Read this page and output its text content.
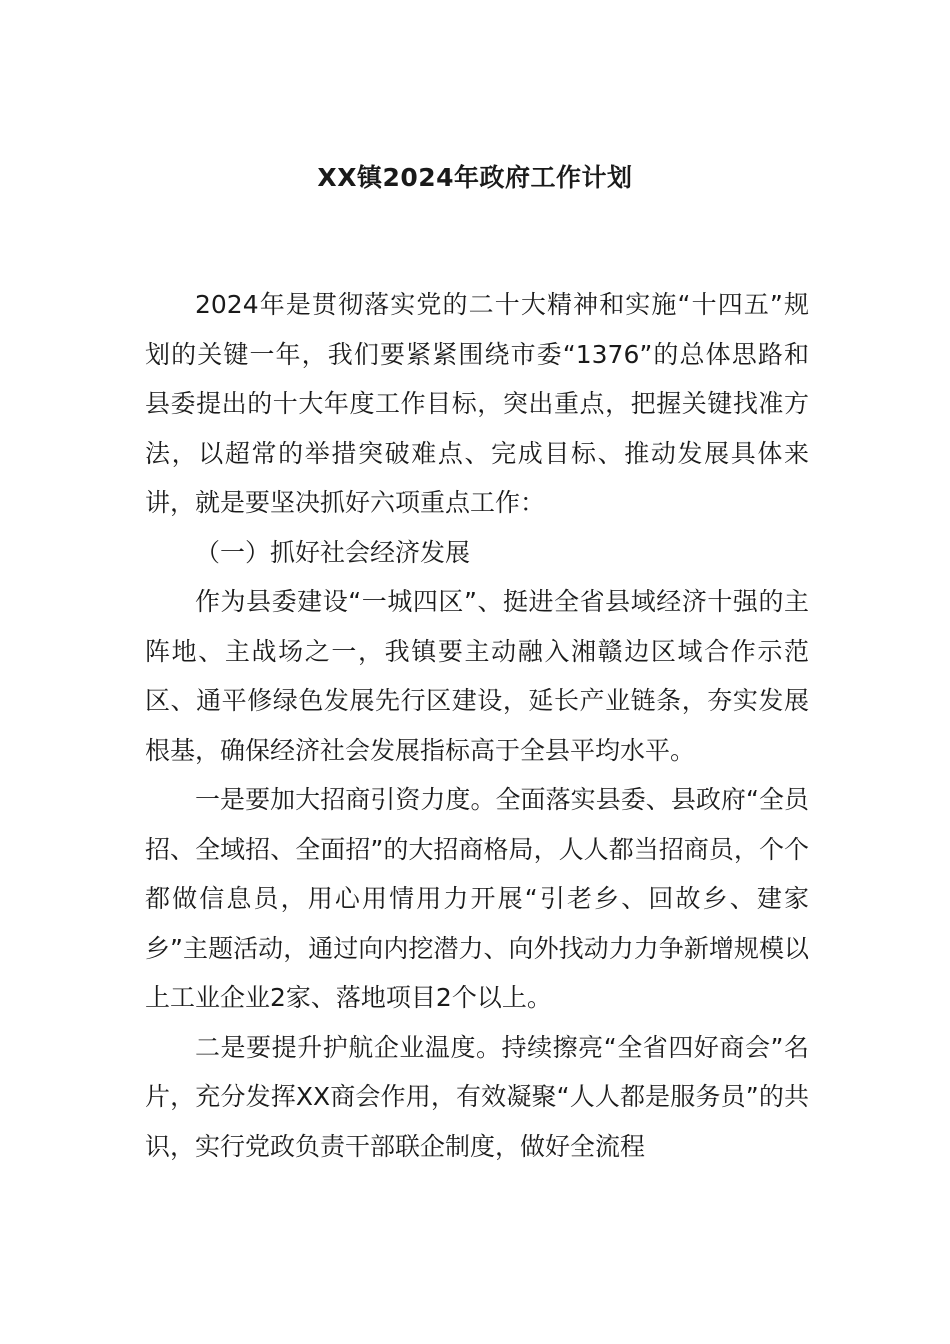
XX镇2024年政府工作计划

2024年是贯彻落实党的二十大精神和实施“十四五”规划的关键一年，我们要紧紧围绕市委“1376”的总体思路和县委提出的十大年度工作目标，突出重点，把握关键找准方法，以超常的举措突破难点、完成目标、推动发展具体来讲，就是要坚决抓好六项重点工作：

（一）抓好社会经济发展

作为县委建设“一城四区”、挺进全省县域经济十强的主阵地、主战场之一，我镇要主动融入湘赣边区域合作示范区、通平修绿色发展先行区建设，延长产业链条，夯实发展根基，确保经济社会发展指标高于全县平均水平。

一是要加大招商引资力度。全面落实县委、县政府“全员招、全域招、全面招”的大招商格局，人人都当招商员，个个都做信息员，用心用情用力开展“引老乡、回故乡、建家乡”主题活动，通过向内挖潜力、向外找动力力争新增规模以上工业企业2家、落地项目2个以上。

二是要提升护航企业温度。持续擦亮“全省四好商会”名片，充分发挥XX商会作用，有效凝聚“人人都是服务员”的共识，实行党政负责干部联企制度，做好全流程
